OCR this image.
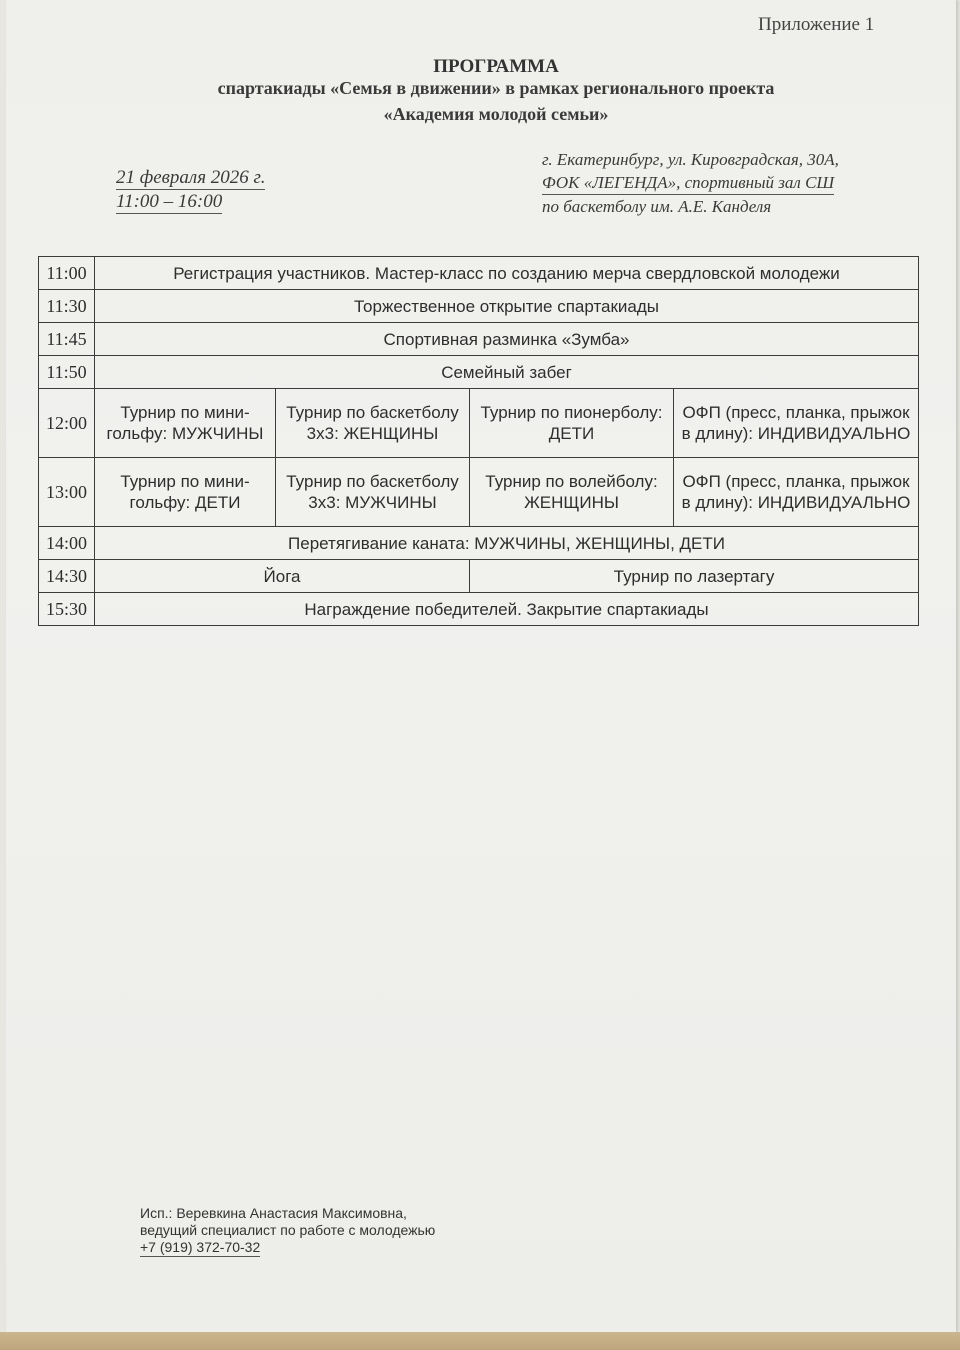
Приложение 1
ПРОГРАММА
спартакиады «Семья в движении» в рамках регионального проекта
«Академия молодой семьи»
21 февраля 2026 г.
11:00 – 16:00
г. Екатеринбург, ул. Кировградская, 30А,
ФОК «ЛЕГЕНДА», спортивный зал СШ
по баскетболу им. А.Е. Канделя
11:00	Регистрация участников. Мастер-класс по созданию мерча свердловской молодежи			
11:30	Торжественное открытие спартакиады			
11:45	Спортивная разминка «Зумба»			
11:50	Семейный забег			
12:00	Турнир по мини-гольфу: МУЖЧИНЫ	Турнир по баскетболу 3x3: ЖЕНЩИНЫ	Турнир по пионерболу: ДЕТИ	ОФП (пресс, планка, прыжок в длину): ИНДИВИДУАЛЬНО
13:00	Турнир по мини-гольфу: ДЕТИ	Турнир по баскетболу 3x3: МУЖЧИНЫ	Турнир по волейболу: ЖЕНЩИНЫ	ОФП (пресс, планка, прыжок в длину): ИНДИВИДУАЛЬНО
14:00	Перетягивание каната: МУЖЧИНЫ, ЖЕНЩИНЫ, ДЕТИ			
14:30	Йога		Турнир по лазертагу	
15:30	Награждение победителей. Закрытие спартакиады			
Исп.: Веревкина Анастасия Максимовна,
ведущий специалист по работе с молодежью
+7 (919) 372-70-32
